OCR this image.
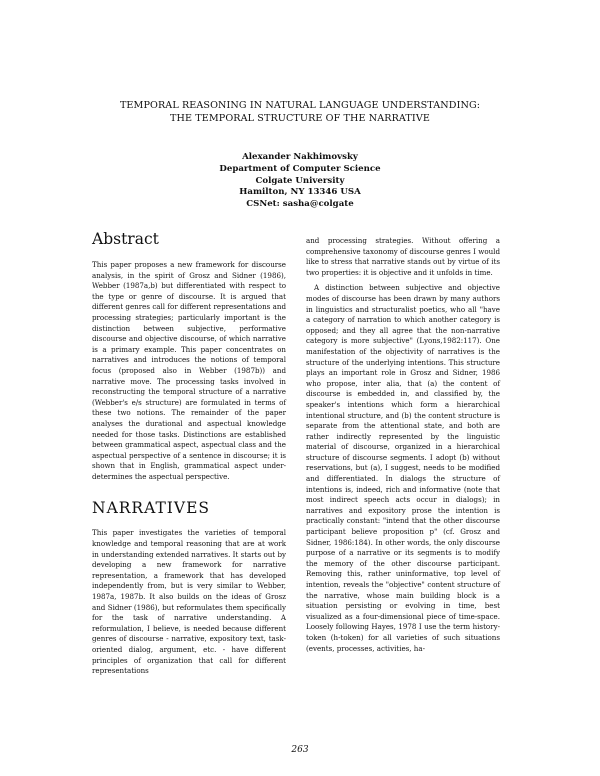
TEMPORAL REASONING IN NATURAL LANGUAGE UNDERSTANDING:
THE TEMPORAL STRUCTURE OF THE NARRATIVE
Alexander Nakhimovsky
Department of Computer Science
Colgate University
Hamilton, NY 13346 USA
CSNet: sasha@colgate
Abstract

This paper proposes a new framework for discourse analysis, in the spirit of Grosz and Sidner (1986), Webber (1987a,b) but differentiated with respect to the type or genre of discourse. It is argued that different genres call for different representations and processing strategies; particularly important is the distinction between subjective, performative discourse and objective discourse, of which narrative is a primary example. This paper concentrates on narratives and introduces the notions of temporal focus (proposed also in Webber (1987b)) and narrative move. The processing tasks involved in reconstructing the temporal structure of a narrative (Webber's e/s structure) are formulated in terms of these two notions. The remainder of the paper analyses the durational and aspectual knowledge needed for those tasks. Distinctions are established between grammatical aspect, aspectual class and the aspectual perspective of a sentence in discourse; it is shown that in English, grammatical aspect under-determines the aspectual perspective.

NARRATIVES

This paper investigates the varieties of temporal knowledge and temporal reasoning that are at work in understanding extended narratives. It starts out by developing a new framework for narrative representation, a framework that has developed independently from, but is very similar to Webber, 1987a, 1987b. It also builds on the ideas of Grosz and Sidner (1986), but reformulates them specifically for the task of narrative understanding. A reformulation, I believe, is needed because different genres of discourse - narrative, expository text, task-oriented dialog, argument, etc. - have different principles of organization that call for different representations

and processing strategies. Without offering a comprehensive taxonomy of discourse genres I would like to stress that narrative stands out by virtue of its two properties: it is objective and it unfolds in time.

A distinction between subjective and objective modes of discourse has been drawn by many authors in linguistics and structuralist poetics, who all "have a category of narration to which another category is opposed; and they all agree that the non-narrative category is more subjective" (Lyons,1982:117). One manifestation of the objectivity of narratives is the structure of the underlying intentions. This structure plays an important role in Grosz and Sidner, 1986 who propose, inter alia, that (a) the content of discourse is embedded in, and classified by, the speaker's intentions which form a hierarchical intentional structure, and (b) the content structure is separate from the attentional state, and both are rather indirectly represented by the linguistic material of discourse, organized in a hierarchical structure of discourse segments. I adopt (b) without reservations, but (a), I suggest, needs to be modified and differentiated. In dialogs the structure of intentions is, indeed, rich and informative (note that most indirect speech acts occur in dialogs); in narratives and expository prose the intention is practically constant: "intend that the other discourse participant believe proposition p" (cf. Grosz and Sidner, 1986:184). In other words, the only discourse purpose of a narrative or its segments is to modify the memory of the other discourse participant. Removing this, rather uninformative, top level of intention, reveals the "objective" content structure of the narrative, whose main building block is a situation persisting or evolving in time, best visualized as a four-dimensional piece of time-space. Loosely following Hayes, 1978 I use the term history-token (h-token) for all varieties of such situations (events, processes, activities, ha-

263
